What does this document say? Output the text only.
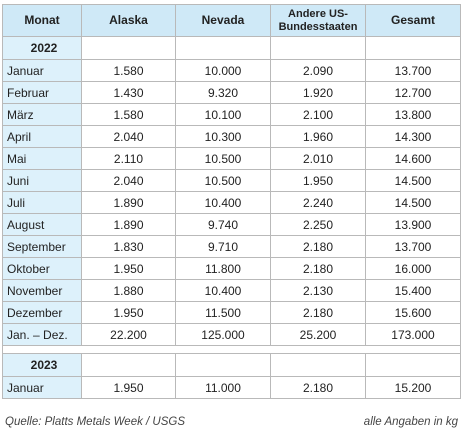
Monat	Alaska	Nevada	Andere US-Bundesstaaten	Gesamt
2022				
Januar	1.580	10.000	2.090	13.700
Februar	1.430	9.320	1.920	12.700
März	1.580	10.100	2.100	13.800
April	2.040	10.300	1.960	14.300
Mai	2.110	10.500	2.010	14.600
Juni	2.040	10.500	1.950	14.500
Juli	1.890	10.400	2.240	14.500
August	1.890	9.740	2.250	13.900
September	1.830	9.710	2.180	13.700
Oktober	1.950	11.800	2.180	16.000
November	1.880	10.400	2.130	15.400
Dezember	1.950	11.500	2.180	15.600
Jan. – Dez.	22.200	125.000	25.200	173.000

2023				
Januar	1.950	11.000	2.180	15.200
Quelle: Platts Metals Week / USGS	alle Angaben in kg
